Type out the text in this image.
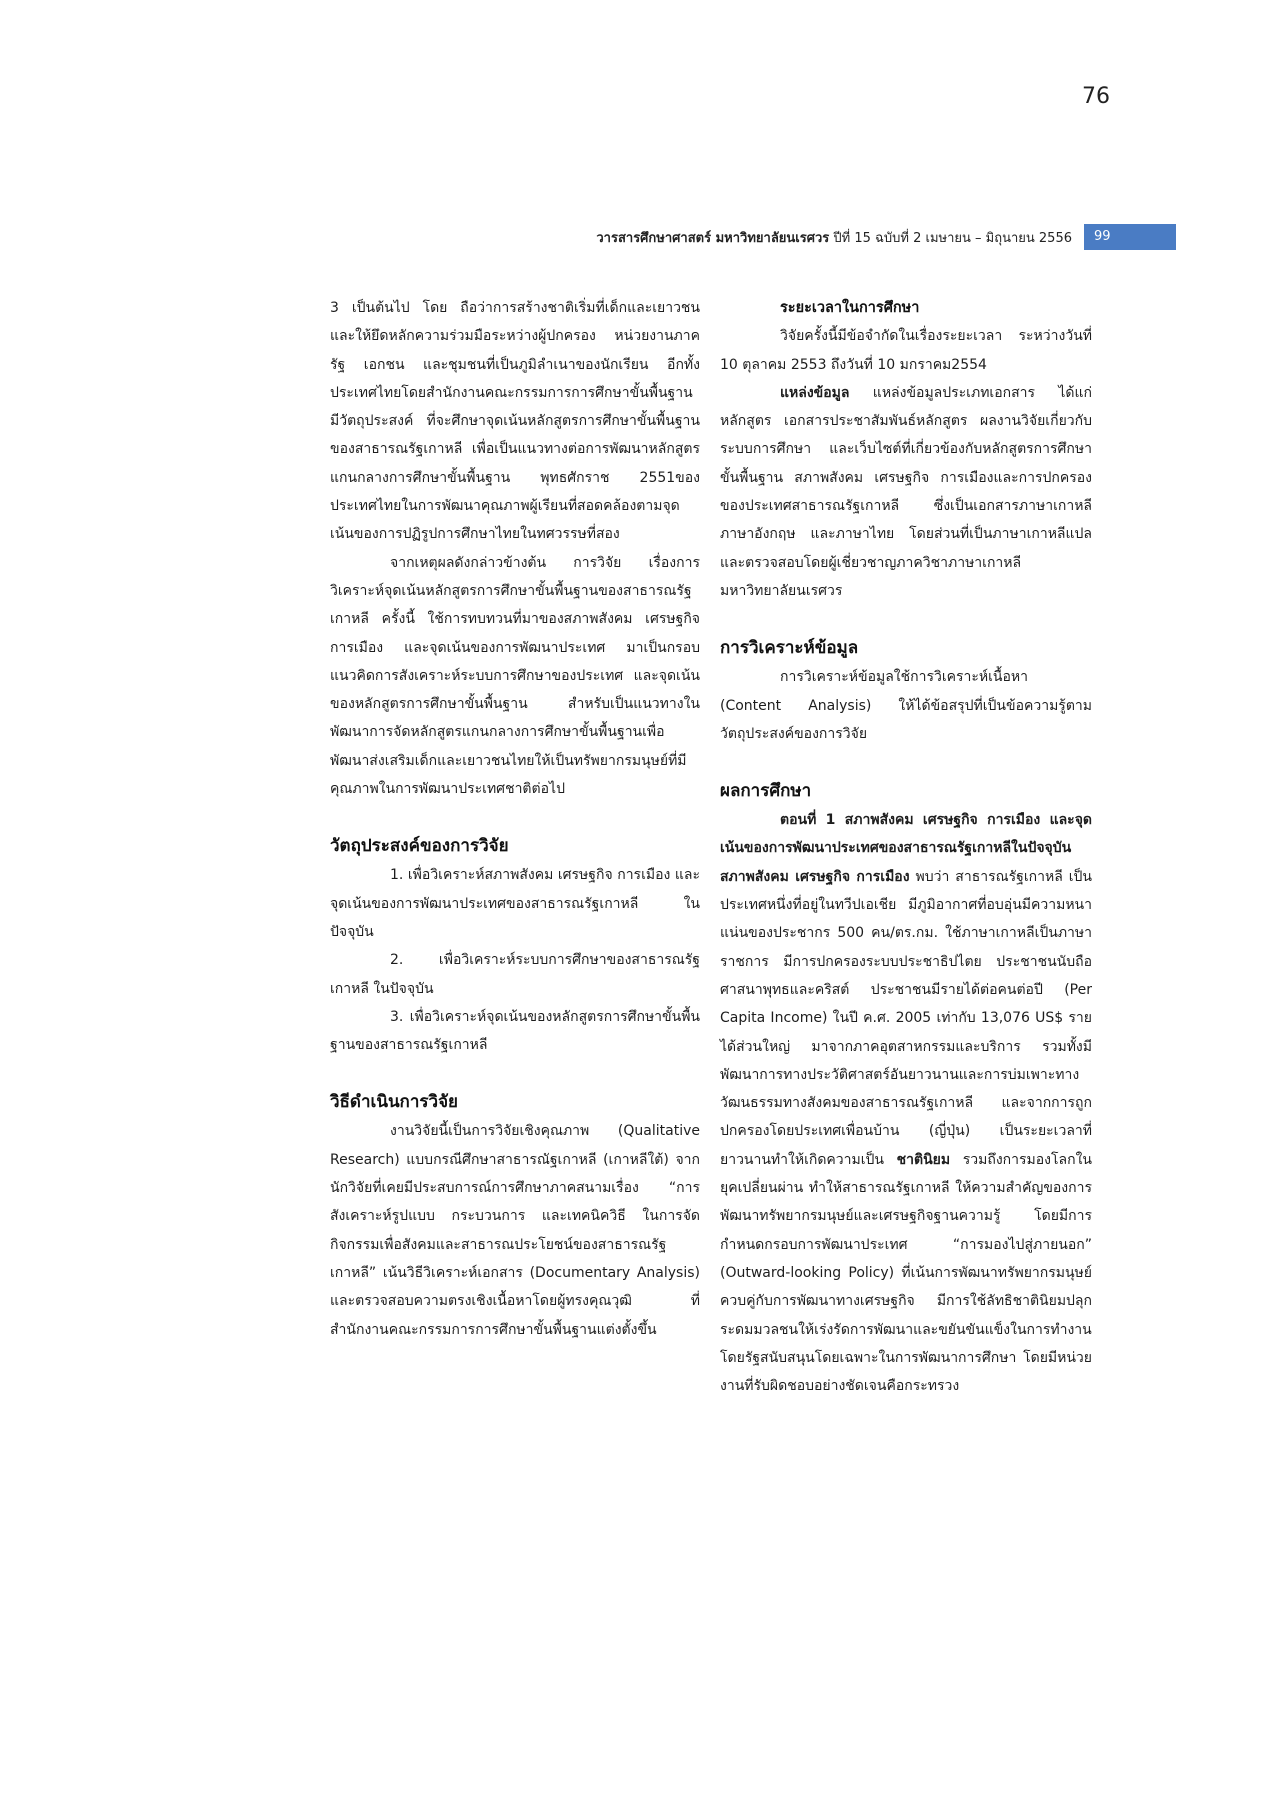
76
วารสารศึกษาศาสตร์ มหาวิทยาลัยนเรศวร ปีที่ 15 ฉบับที่ 2 เมษายน – มิถุนายน 2556	99

3 เป็นต้นไป โดย ถือว่าการสร้างชาติเริ่มที่เด็กและเยาวชน และให้ยึดหลักความร่วมมือระหว่างผู้ปกครอง หน่วยงานภาครัฐ เอกชน และชุมชนที่เป็นภูมิลำเนาของนักเรียน อีกทั้งประเทศไทยโดยสำนักงานคณะกรรมการการศึกษาขั้นพื้นฐานมีวัตถุประสงค์ ที่จะศึกษาจุดเน้นหลักสูตรการศึกษาขั้นพื้นฐานของสาธารณรัฐเกาหลี เพื่อเป็นแนวทางต่อการพัฒนาหลักสูตรแกนกลางการศึกษาขั้นพื้นฐาน พุทธศักราช 2551ของประเทศไทยในการพัฒนาคุณภาพผู้เรียนที่สอดคล้องตามจุดเน้นของการปฏิรูปการศึกษาไทยในทศวรรษที่สอง

จากเหตุผลดังกล่าวข้างต้น การวิจัย เรื่องการวิเคราะห์จุดเน้นหลักสูตรการศึกษาขั้นพื้นฐานของสาธารณรัฐเกาหลี ครั้งนี้ ใช้การทบทวนที่มาของสภาพสังคม เศรษฐกิจ การเมือง และจุดเน้นของการพัฒนาประเทศ มาเป็นกรอบแนวคิดการสังเคราะห์ระบบการศึกษาของประเทศ และจุดเน้นของหลักสูตรการศึกษาขั้นพื้นฐาน สำหรับเป็นแนวทางในพัฒนาการจัดหลักสูตรแกนกลางการศึกษาขั้นพื้นฐานเพื่อพัฒนาส่งเสริมเด็กและเยาวชนไทยให้เป็นทรัพยากรมนุษย์ที่มีคุณภาพในการพัฒนาประเทศชาติต่อไป

วัตถุประสงค์ของการวิจัย

1. เพื่อวิเคราะห์สภาพสังคม เศรษฐกิจ การเมือง และจุดเน้นของการพัฒนาประเทศของสาธารณรัฐเกาหลี ในปัจจุบัน

2. เพื่อวิเคราะห์ระบบการศึกษาของสาธารณรัฐเกาหลี ในปัจจุบัน

3. เพื่อวิเคราะห์จุดเน้นของหลักสูตรการศึกษาขั้นพื้นฐานของสาธารณรัฐเกาหลี

วิธีดำเนินการวิจัย

งานวิจัยนี้เป็นการวิจัยเชิงคุณภาพ (Qualitative Research) แบบกรณีศึกษาสาธารณัฐเกาหลี (เกาหลีใต้) จากนักวิจัยที่เคยมีประสบการณ์การศึกษาภาคสนามเรื่อง “การสังเคราะห์รูปแบบ กระบวนการ และเทคนิควิธี ในการจัดกิจกรรมเพื่อสังคมและสาธารณประโยชน์ของสาธารณรัฐเกาหลี” เน้นวิธีวิเคราะห์เอกสาร (Documentary Analysis) และตรวจสอบความตรงเชิงเนื้อหาโดยผู้ทรงคุณวุฒิ ที่สำนักงานคณะกรรมการการศึกษาขั้นพื้นฐานแต่งตั้งขึ้น

ระยะเวลาในการศึกษา

วิจัยครั้งนี้มีข้อจำกัดในเรื่องระยะเวลา ระหว่างวันที่ 10 ตุลาคม 2553 ถึงวันที่ 10 มกราคม2554

แหล่งข้อมูล แหล่งข้อมูลประเภทเอกสาร ได้แก่ หลักสูตร เอกสารประชาสัมพันธ์หลักสูตร ผลงานวิจัยเกี่ยวกับระบบการศึกษา และเว็บไซต์ที่เกี่ยวข้องกับหลักสูตรการศึกษาขั้นพื้นฐาน สภาพสังคม เศรษฐกิจ การเมืองและการปกครอง ของประเทศสาธารณรัฐเกาหลี ซึ่งเป็นเอกสารภาษาเกาหลีภาษาอังกฤษ และภาษาไทย โดยส่วนที่เป็นภาษาเกาหลีแปลและตรวจสอบโดยผู้เชี่ยวชาญภาควิชาภาษาเกาหลี มหาวิทยาลัยนเรศวร

การวิเคราะห์ข้อมูล

การวิเคราะห์ข้อมูลใช้การวิเคราะห์เนื้อหา (Content Analysis) ให้ได้ข้อสรุปที่เป็นข้อความรู้ตามวัตถุประสงค์ของการวิจัย

ผลการศึกษา

ตอนที่ 1 สภาพสังคม เศรษฐกิจ การเมือง และจุดเน้นของการพัฒนาประเทศของสาธารณรัฐเกาหลีในปัจจุบัน สภาพสังคม เศรษฐกิจ การเมือง พบว่า สาธารณรัฐเกาหลี เป็นประเทศหนึ่งที่อยู่ในทวีปเอเชีย มีภูมิอากาศที่อบอุ่นมีความหนาแน่นของประชากร 500 คน/ตร.กม. ใช้ภาษาเกาหลีเป็นภาษาราชการ มีการปกครองระบบประชาธิปไตย ประชาชนนับถือศาสนาพุทธและคริสต์ ประชาชนมีรายได้ต่อคนต่อปี (Per Capita Income) ในปี ค.ศ. 2005 เท่ากับ 13,076 US$ รายได้ส่วนใหญ่ มาจากภาคอุตสาหกรรมและบริการ รวมทั้งมีพัฒนาการทางประวัติศาสตร์อันยาวนานและการบ่มเพาะทางวัฒนธรรมทางสังคมของสาธารณรัฐเกาหลี และจากการถูกปกครองโดยประเทศเพื่อนบ้าน (ญี่ปุ่น) เป็นระยะเวลาที่ยาวนานทำให้เกิดความเป็น ชาตินิยม รวมถึงการมองโลกในยุคเปลี่ยนผ่าน ทำให้สาธารณรัฐเกาหลี ให้ความสำคัญของการพัฒนาทรัพยากรมนุษย์และเศรษฐกิจฐานความรู้ โดยมีการกำหนดกรอบการพัฒนาประเทศ “การมองไปสู่ภายนอก” (Outward-looking Policy) ที่เน้นการพัฒนาทรัพยากรมนุษย์ควบคู่กับการพัฒนาทางเศรษฐกิจ มีการใช้ลัทธิชาตินิยมปลุกระดมมวลชนให้เร่งรัดการพัฒนาและขยันขันแข็งในการทำงานโดยรัฐสนับสนุนโดยเฉพาะในการพัฒนาการศึกษา โดยมีหน่วยงานที่รับผิดชอบอย่างชัดเจนคือกระทรวง
